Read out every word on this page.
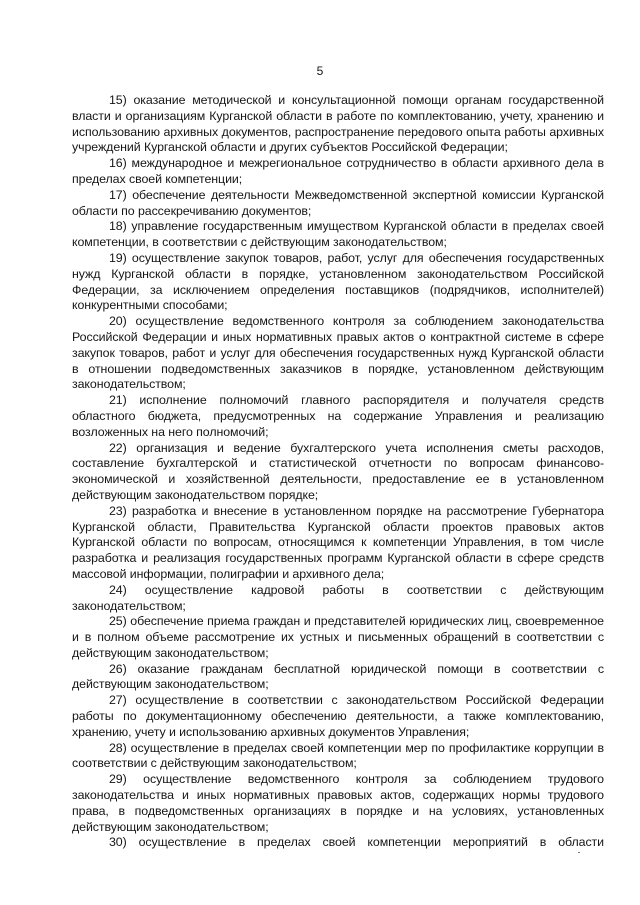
5

15) оказание методической и консультационной помощи органам государственной власти и организациям Курганской области в работе по комплектованию, учету, хранению и использованию архивных документов, распространение передового опыта работы архивных учреждений Курганской области и других субъектов Российской Федерации;

16) международное и межрегиональное сотрудничество в области архивного дела в пределах своей компетенции;

17) обеспечение деятельности Межведомственной экспертной комиссии Курганской области по рассекречиванию документов;

18) управление государственным имуществом Курганской области в пределах своей компетенции, в соответствии с действующим законодательством;

19) осуществление закупок товаров, работ, услуг для обеспечения государственных нужд Курганской области в порядке, установленном законодательством Российской Федерации, за исключением определения поставщиков (подрядчиков, исполнителей) конкурентными способами;

20) осуществление ведомственного контроля за соблюдением законодательства Российской Федерации и иных нормативных правых актов о контрактной системе в сфере закупок товаров, работ и услуг для обеспечения государственных нужд Курганской области в отношении подведомственных заказчиков в порядке, установленном действующим законодательством;

21) исполнение полномочий главного распорядителя и получателя средств областного бюджета, предусмотренных на содержание Управления и реализацию возложенных на него полномочий;

22) организация и ведение бухгалтерского учета исполнения сметы расходов, составление бухгалтерской и статистической отчетности по вопросам финансово-экономической и хозяйственной деятельности, предоставление ее в установленном действующим законодательством порядке;

23) разработка и внесение в установленном порядке на рассмотрение Губернатора Курганской области, Правительства Курганской области проектов правовых актов Курганской области по вопросам, относящимся к компетенции Управления, в том числе разработка и реализация государственных программ Курганской области в сфере средств массовой информации, полиграфии и архивного дела;

24) осуществление кадровой работы в соответствии с действующим законодательством;

25) обеспечение приема граждан и представителей юридических лиц, своевременное и в полном объеме рассмотрение их устных и письменных обращений в соответствии с действующим законодательством;

26) оказание гражданам бесплатной юридической помощи в соответствии с действующим законодательством;

27) осуществление в соответствии с законодательством Российской Федерации работы по документационному обеспечению деятельности, а также комплектованию, хранению, учету и использованию архивных документов Управления;

28) осуществление в пределах своей компетенции мер по профилактике коррупции в соответствии с действующим законодательством;

29) осуществление ведомственного контроля за соблюдением трудового законодательства и иных нормативных правовых актов, содержащих нормы трудового права, в подведомственных организациях в порядке и на условиях, установленных действующим законодательством;

30) осуществление в пределах своей компетенции мероприятий в области
